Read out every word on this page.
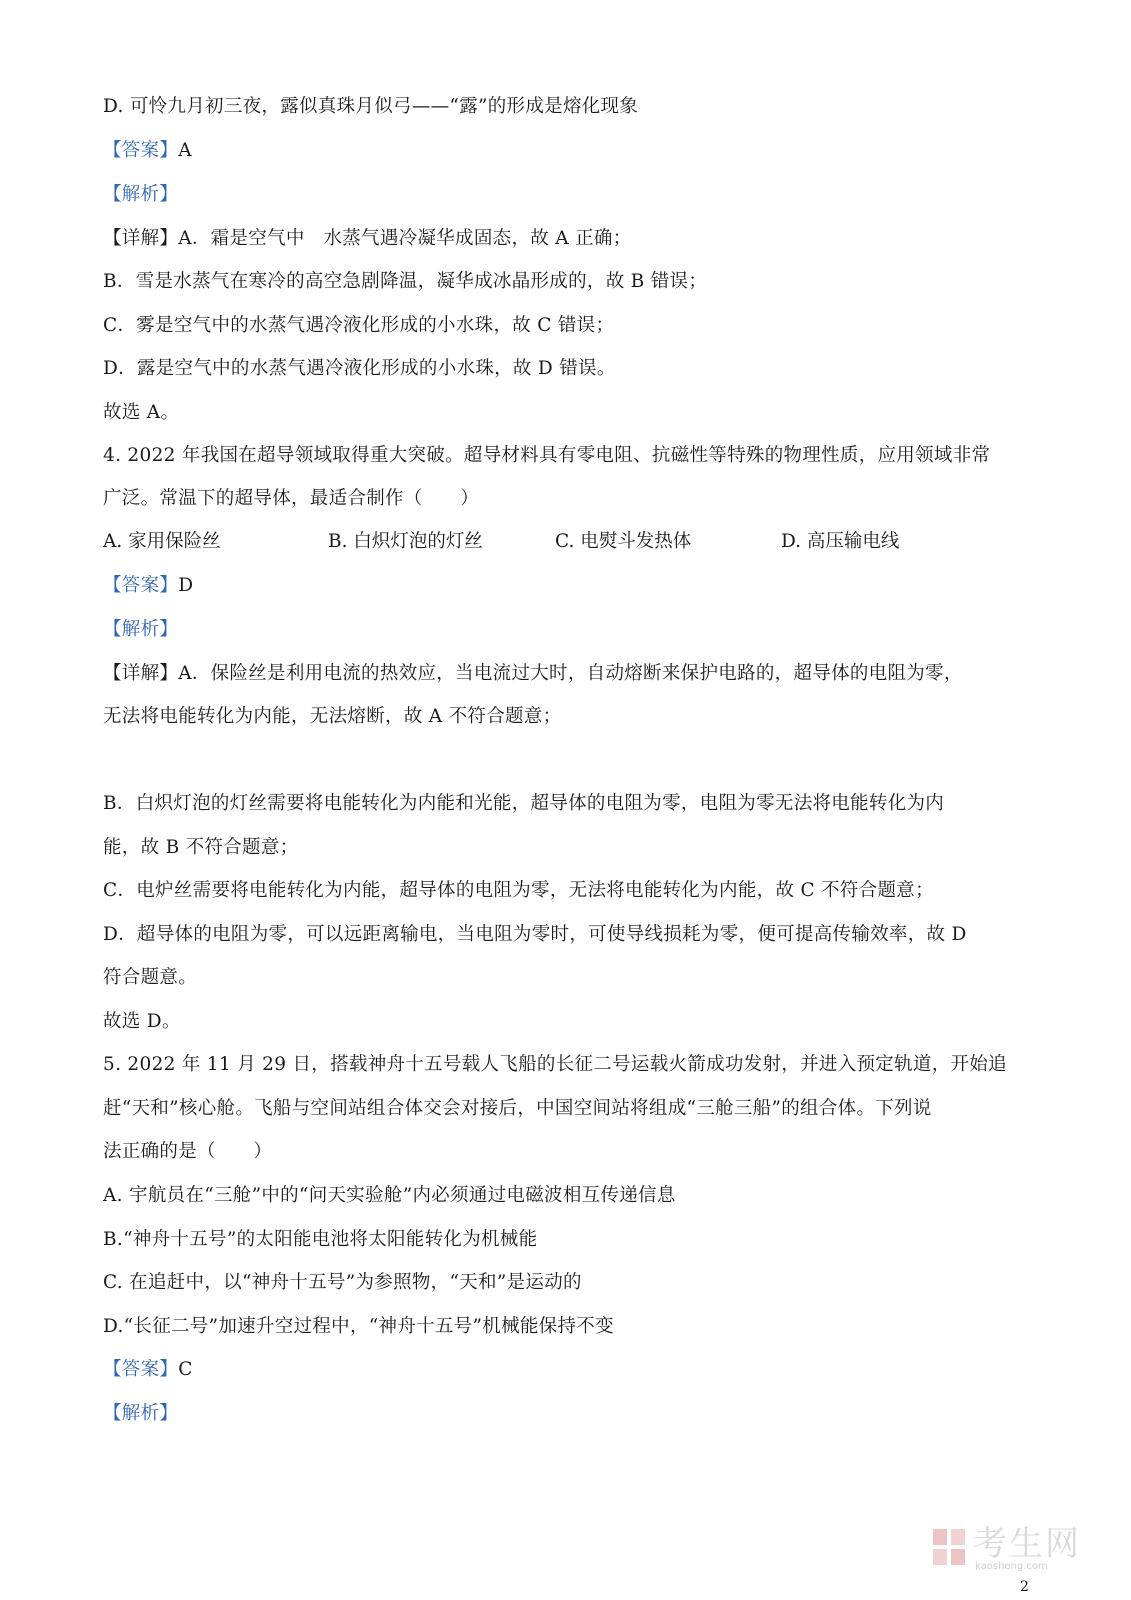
D. 可怜九月初三夜，露似真珠月似弓——“露”的形成是熔化现象
【答案】A
【解析】
【详解】A．霜是空气中　水蒸气遇冷凝华成固态，故 A 正确；
B．雪是水蒸气在寒冷的高空急剧降温，凝华成冰晶形成的，故 B 错误；
C．雾是空气中的水蒸气遇冷液化形成的小水珠，故 C 错误；
D．露是空气中的水蒸气遇冷液化形成的小水珠，故 D 错误。
故选 A。
4. 2022 年我国在超导领域取得重大突破。超导材料具有零电阻、抗磁性等特殊的物理性质，应用领域非常
广泛。常温下的超导体，最适合制作（　　）
A. 家用保险丝	B. 白炽灯泡的灯丝	C. 电熨斗发热体	D. 高压输电线
【答案】D
【解析】
【详解】A．保险丝是利用电流的热效应，当电流过大时，自动熔断来保护电路的，超导体的电阻为零，
无法将电能转化为内能，无法熔断，故 A 不符合题意；
B．白炽灯泡的灯丝需要将电能转化为内能和光能，超导体的电阻为零，电阻为零无法将电能转化为内
能，故 B 不符合题意；
C．电炉丝需要将电能转化为内能，超导体的电阻为零，无法将电能转化为内能，故 C 不符合题意；
D．超导体的电阻为零，可以远距离输电，当电阻为零时，可使导线损耗为零，便可提高传输效率，故 D
符合题意。
故选 D。
5. 2022 年 11 月 29 日，搭载神舟十五号载人飞船的长征二号运载火箭成功发射，并进入预定轨道，开始追
赶“天和”核心舱。飞船与空间站组合体交会对接后，中国空间站将组成“三舱三船”的组合体。下列说
法正确的是（　　）
A. 宇航员在“三舱”中的“问天实验舱”内必须通过电磁波相互传递信息
B.“神舟十五号”的太阳能电池将太阳能转化为机械能
C. 在追赶中，以“神舟十五号”为参照物，“天和”是运动的
D.“长征二号”加速升空过程中，“神舟十五号”机械能保持不变
【答案】C
【解析】
考生网
kaosheng.com
2
